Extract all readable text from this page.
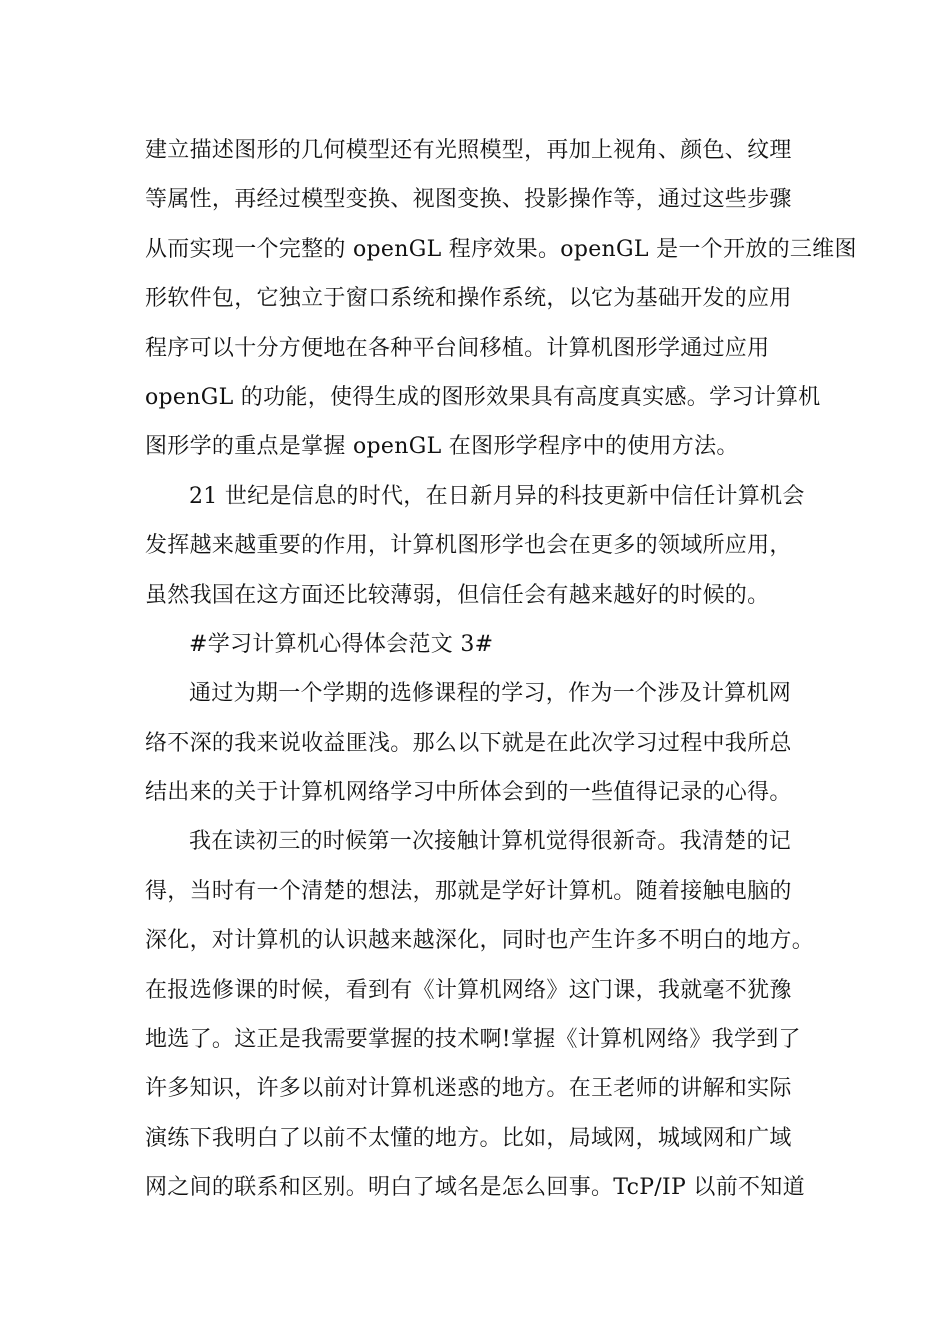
建立描述图形的几何模型还有光照模型，再加上视角、颜色、纹理
等属性，再经过模型变换、视图变换、投影操作等，通过这些步骤
从而实现一个完整的 openGL 程序效果。openGL 是一个开放的三维图
形软件包，它独立于窗口系统和操作系统，以它为基础开发的应用
程序可以十分方便地在各种平台间移植。计算机图形学通过应用
openGL 的功能，使得生成的图形效果具有高度真实感。学习计算机
图形学的重点是掌握 openGL 在图形学程序中的使用方法。
21 世纪是信息的时代，在日新月异的科技更新中信任计算机会
发挥越来越重要的作用，计算机图形学也会在更多的领域所应用，
虽然我国在这方面还比较薄弱，但信任会有越来越好的时候的。
#学习计算机心得体会范文 3#
通过为期一个学期的选修课程的学习，作为一个涉及计算机网
络不深的我来说收益匪浅。那么以下就是在此次学习过程中我所总
结出来的关于计算机网络学习中所体会到的一些值得记录的心得。
我在读初三的时候第一次接触计算机觉得很新奇。我清楚的记
得，当时有一个清楚的想法，那就是学好计算机。随着接触电脑的
深化，对计算机的认识越来越深化，同时也产生许多不明白的地方。
在报选修课的时候，看到有《计算机网络》这门课，我就毫不犹豫
地选了。这正是我需要掌握的技术啊!掌握《计算机网络》我学到了
许多知识，许多以前对计算机迷惑的地方。在王老师的讲解和实际
演练下我明白了以前不太懂的地方。比如，局域网，城域网和广域
网之间的联系和区别。明白了域名是怎么回事。TcP/IP 以前不知道
